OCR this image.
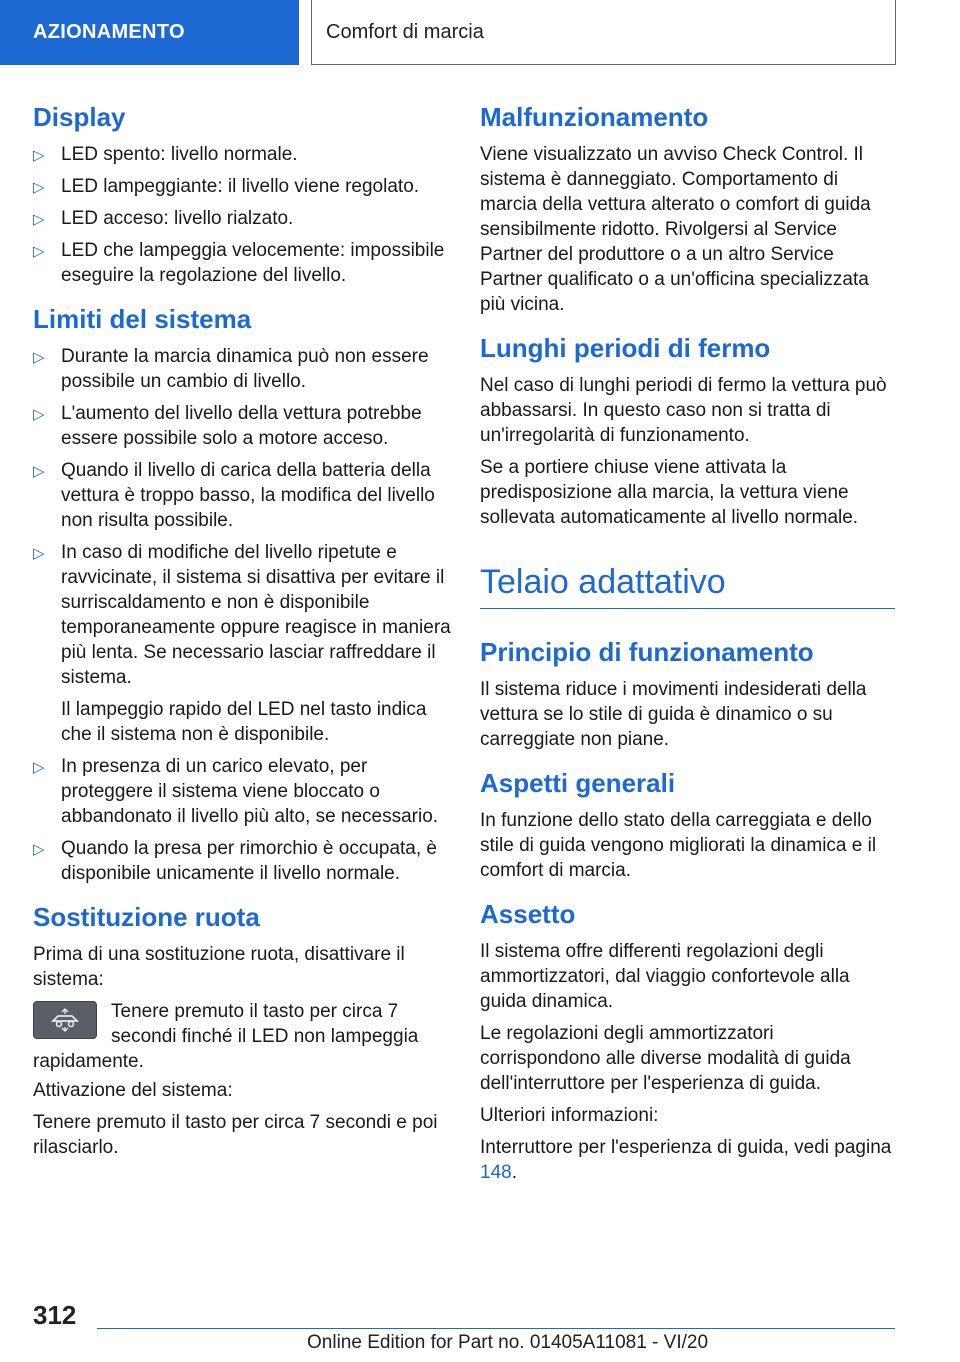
AZIONAMENTO	Comfort di marcia
Display
▷ LED spento: livello normale.
▷ LED lampeggiante: il livello viene regolato.
▷ LED acceso: livello rialzato.
▷ LED che lampeggia velocemente: impossibile eseguire la regolazione del livello.
Limiti del sistema
▷ Durante la marcia dinamica può non essere possibile un cambio di livello.
▷ L'aumento del livello della vettura potrebbe essere possibile solo a motore acceso.
▷ Quando il livello di carica della batteria della vettura è troppo basso, la modifica del livello non risulta possibile.
▷ In caso di modifiche del livello ripetute e ravvicinate, il sistema si disattiva per evitare il surriscaldamento e non è disponibile temporaneamente oppure reagisce in maniera più lenta. Se necessario lasciar raffreddare il sistema.
Il lampeggio rapido del LED nel tasto indica che il sistema non è disponibile.
▷ In presenza di un carico elevato, per proteggere il sistema viene bloccato o abbandonato il livello più alto, se necessario.
▷ Quando la presa per rimorchio è occupata, è disponibile unicamente il livello normale.
Sostituzione ruota

Prima di una sostituzione ruota, disattivare il sistema:

Tenere premuto il tasto per circa 7 secondi finché il LED non lampeggia rapidamente.

Attivazione del sistema:

Tenere premuto il tasto per circa 7 secondi e poi rilasciarlo.

Malfunzionamento

Viene visualizzato un avviso Check Control. Il sistema è danneggiato. Comportamento di marcia della vettura alterato o comfort di guida sensibilmente ridotto. Rivolgersi al Service Partner del produttore o a un altro Service Partner qualificato o a un'officina specializzata più vicina.

Lunghi periodi di fermo

Nel caso di lunghi periodi di fermo la vettura può abbassarsi. In questo caso non si tratta di un'irregolarità di funzionamento.

Se a portiere chiuse viene attivata la predisposizione alla marcia, la vettura viene sollevata automaticamente al livello normale.

Telaio adattativo
Principio di funzionamento

Il sistema riduce i movimenti indesiderati della vettura se lo stile di guida è dinamico o su carreggiate non piane.

Aspetti generali

In funzione dello stato della carreggiata e dello stile di guida vengono migliorati la dinamica e il comfort di marcia.

Assetto

Il sistema offre differenti regolazioni degli ammortizzatori, dal viaggio confortevole alla guida dinamica.

Le regolazioni degli ammortizzatori corrispondono alle diverse modalità di guida dell'interruttore per l'esperienza di guida.

Ulteriori informazioni:

Interruttore per l'esperienza di guida, vedi pagina 148.

312
Online Edition for Part no. 01405A11081 - VI/20
